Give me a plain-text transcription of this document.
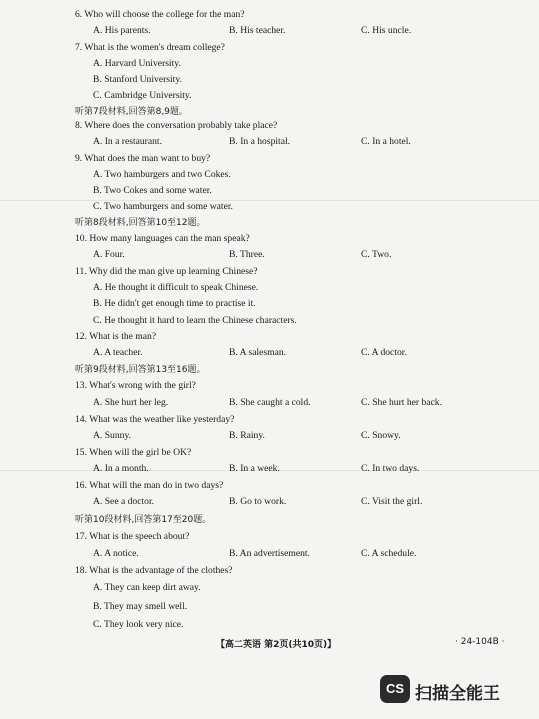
6. Who will choose the college for the man?
A. His parents.	B. His teacher.	C. His uncle.
7. What is the women's dream college?
A. Harvard University.
B. Stanford University.
C. Cambridge University.
听第7段材料,回答第8,9题。
8. Where does the conversation probably take place?
A. In a restaurant.	B. In a hospital.	C. In a hotel.
9. What does the man want to buy?
A. Two hamburgers and two Cokes.
B. Two Cokes and some water.
C. Two hamburgers and some water.
听第8段材料,回答第10至12题。
10. How many languages can the man speak?
A. Four.	B. Three.	C. Two.
11. Why did the man give up learning Chinese?
A. He thought it difficult to speak Chinese.
B. He didn't get enough time to practise it.
C. He thought it hard to learn the Chinese characters.
12. What is the man?
A. A teacher.	B. A salesman.	C. A doctor.
听第9段材料,回答第13至16题。
13. What's wrong with the girl?
A. She hurt her leg.	B. She caught a cold.	C. She hurt her back.
14. What was the weather like yesterday?
A. Sunny.	B. Rainy.	C. Snowy.
15. When will the girl be OK?
A. In a month.	B. In a week.	C. In two days.
16. What will the man do in two days?
A. See a doctor.	B. Go to work.	C. Visit the girl.
听第10段材料,回答第17至20题。
17. What is the speech about?
A. A notice.	B. An advertisement.	C. A schedule.
18. What is the advantage of the clothes?
A. They can keep dirt away.
B. They may smell well.
C. They look very nice.
【高二英语 第2页(共10页)】	· 24-104B ·
CS 扫描全能王
